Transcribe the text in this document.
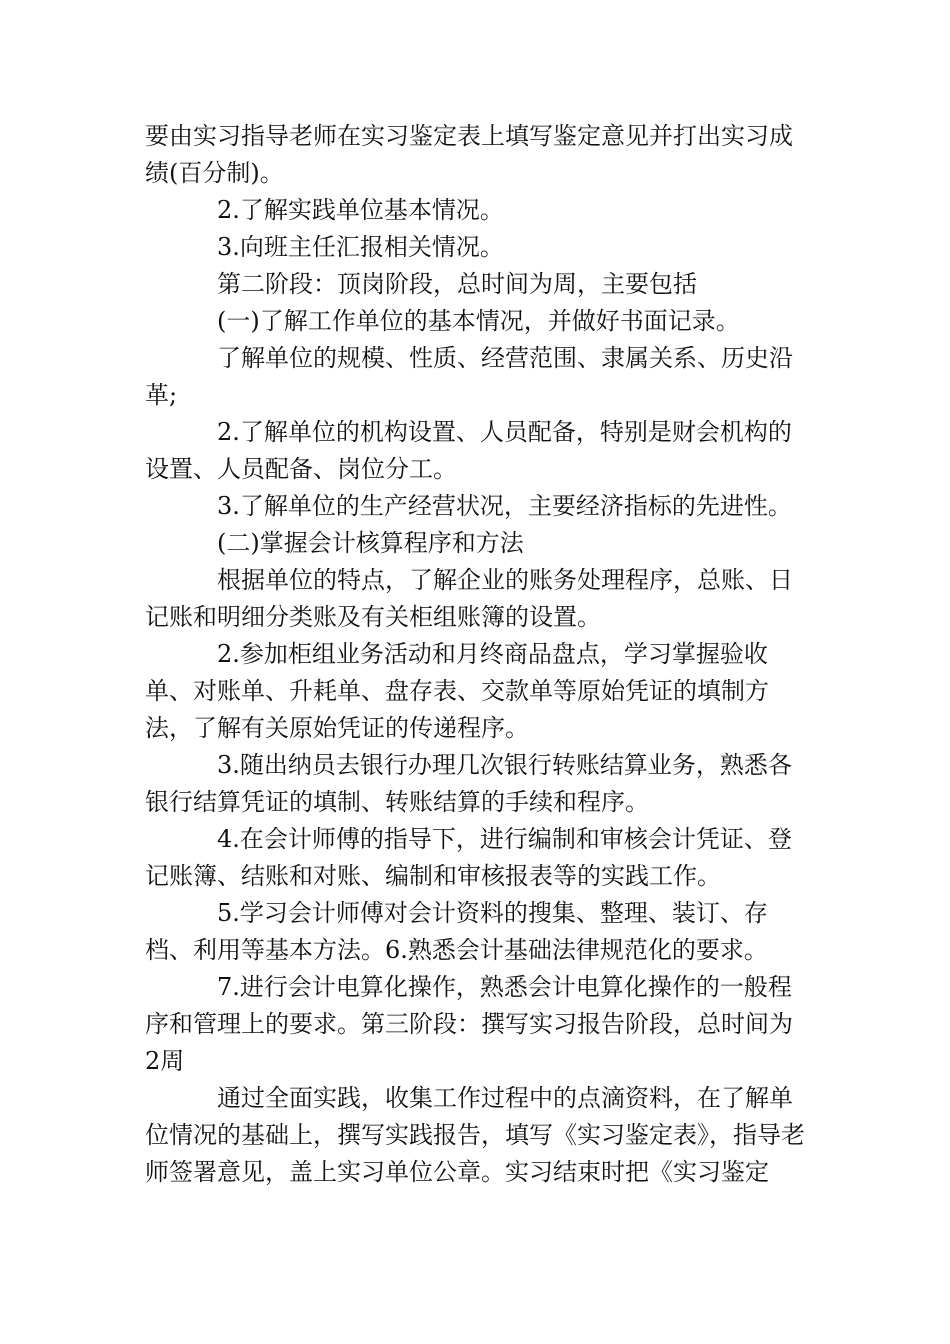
要由实习指导老师在实习鉴定表上填写鉴定意见并打出实习成绩(百分制)。

2.了解实践单位基本情况。

3.向班主任汇报相关情况。

第二阶段：顶岗阶段，总时间为周，主要包括

(一)了解工作单位的基本情况，并做好书面记录。

了解单位的规模、性质、经营范围、隶属关系、历史沿革;

2.了解单位的机构设置、人员配备，特别是财会机构的设置、人员配备、岗位分工。

3.了解单位的生产经营状况，主要经济指标的先进性。

(二)掌握会计核算程序和方法

根据单位的特点，了解企业的账务处理程序，总账、日记账和明细分类账及有关柜组账簿的设置。

2.参加柜组业务活动和月终商品盘点，学习掌握验收单、对账单、升耗单、盘存表、交款单等原始凭证的填制方法，了解有关原始凭证的传递程序。

3.随出纳员去银行办理几次银行转账结算业务，熟悉各银行结算凭证的填制、转账结算的手续和程序。

4.在会计师傅的指导下，进行编制和审核会计凭证、登记账簿、结账和对账、编制和审核报表等的实践工作。

5.学习会计师傅对会计资料的搜集、整理、装订、存档、利用等基本方法。6.熟悉会计基础法律规范化的要求。

7.进行会计电算化操作，熟悉会计电算化操作的一般程序和管理上的要求。第三阶段：撰写实习报告阶段，总时间为2周

通过全面实践，收集工作过程中的点滴资料，在了解单位情况的基础上，撰写实践报告，填写《实习鉴定表》，指导老师签署意见，盖上实习单位公章。实习结束时把《实习鉴定
